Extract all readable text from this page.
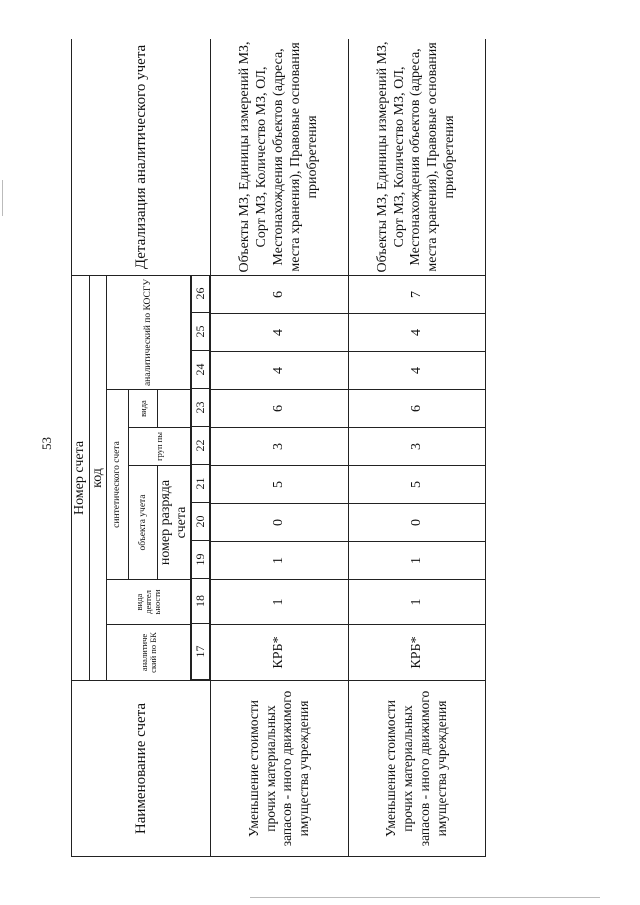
53
Наименование счета	Номер счета	Детализация аналитического учета
код
аналитиче ский по БК	вида деятел ьности	синтетического счета	аналитический по КОСГУ
объекта учета	груп пы	вида
номер разряда счета	

17	18	19	20	21	22	23	24	25	26

Уменьшение стоимости прочих материальных запасов - иного движимого имущества учреждения	КРБ*	1	1	0	5	3	6	4	4	6	Объекты МЗ, Единицы измерений МЗ, Сорт МЗ, Количество МЗ, ОЛ, Местонахождения объектов (адреса, места хранения), Правовые основания приобретения
Уменьшение стоимости прочих материальных запасов - иного движимого имущества учреждения	КРБ*	1	1	0	5	3	6	4	4	7	Объекты МЗ, Единицы измерений МЗ, Сорт МЗ, Количество МЗ, ОЛ, Местонахождения объектов (адреса, места хранения), Правовые основания приобретения
